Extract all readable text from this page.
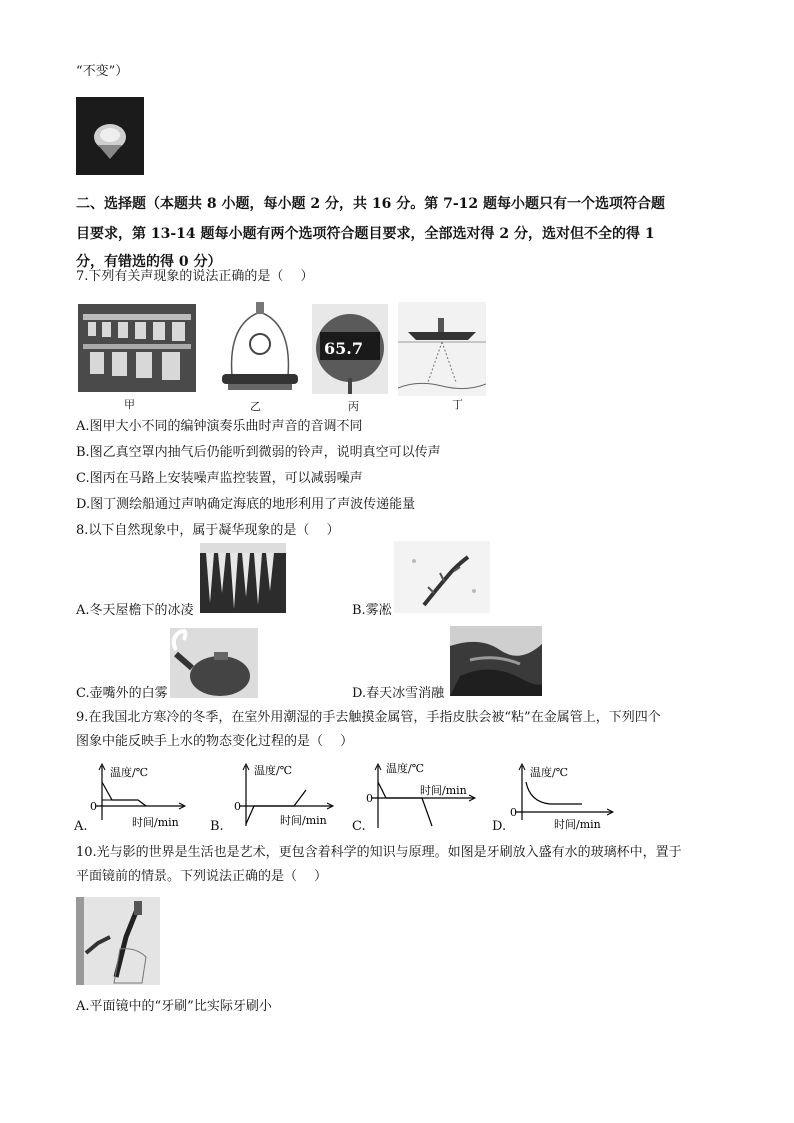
“不变”）
二、选择题（本题共 8 小题，每小题 2 分，共 16 分。第 7-12 题每小题只有一个选项符合题
目要求，第 13-14 题每小题有两个选项符合题目要求，全部选对得 2 分，选对但不全的得 1
分，有错选的得 0 分）
7.下列有关声现象的说法正确的是（　 ）
甲	乙
65.7
丙	丁
A.图甲大小不同的编钟演奏乐曲时声音的音调不同
B.图乙真空罩内抽气后仍能听到微弱的铃声，说明真空可以传声
C.图丙在马路上安装噪声监控装置，可以减弱噪声
D.图丁测绘船通过声呐确定海底的地形利用了声波传递能量
8.以下自然现象中，属于凝华现象的是（　 ）
A.冬天屋檐下的冰凌	B.雾凇
C.壶嘴外的白雾	D.春天冰雪消融
9.在我国北方寒冷的冬季，在室外用潮湿的手去触摸金属管，手指皮肤会被“粘”在金属管上，下列四个
图象中能反映手上水的物态变化过程的是（　 ）
温度/℃
0
时间/min
A.
温度/℃
0
时间/min
B.
温度/℃
0
时间/min
C.
温度/℃
0
时间/min
D.
10.光与影的世界是生活也是艺术，更包含着科学的知识与原理。如图是牙刷放入盛有水的玻璃杯中，置于
平面镜前的情景。下列说法正确的是（　 ）
A.平面镜中的“牙刷”比实际牙刷小
